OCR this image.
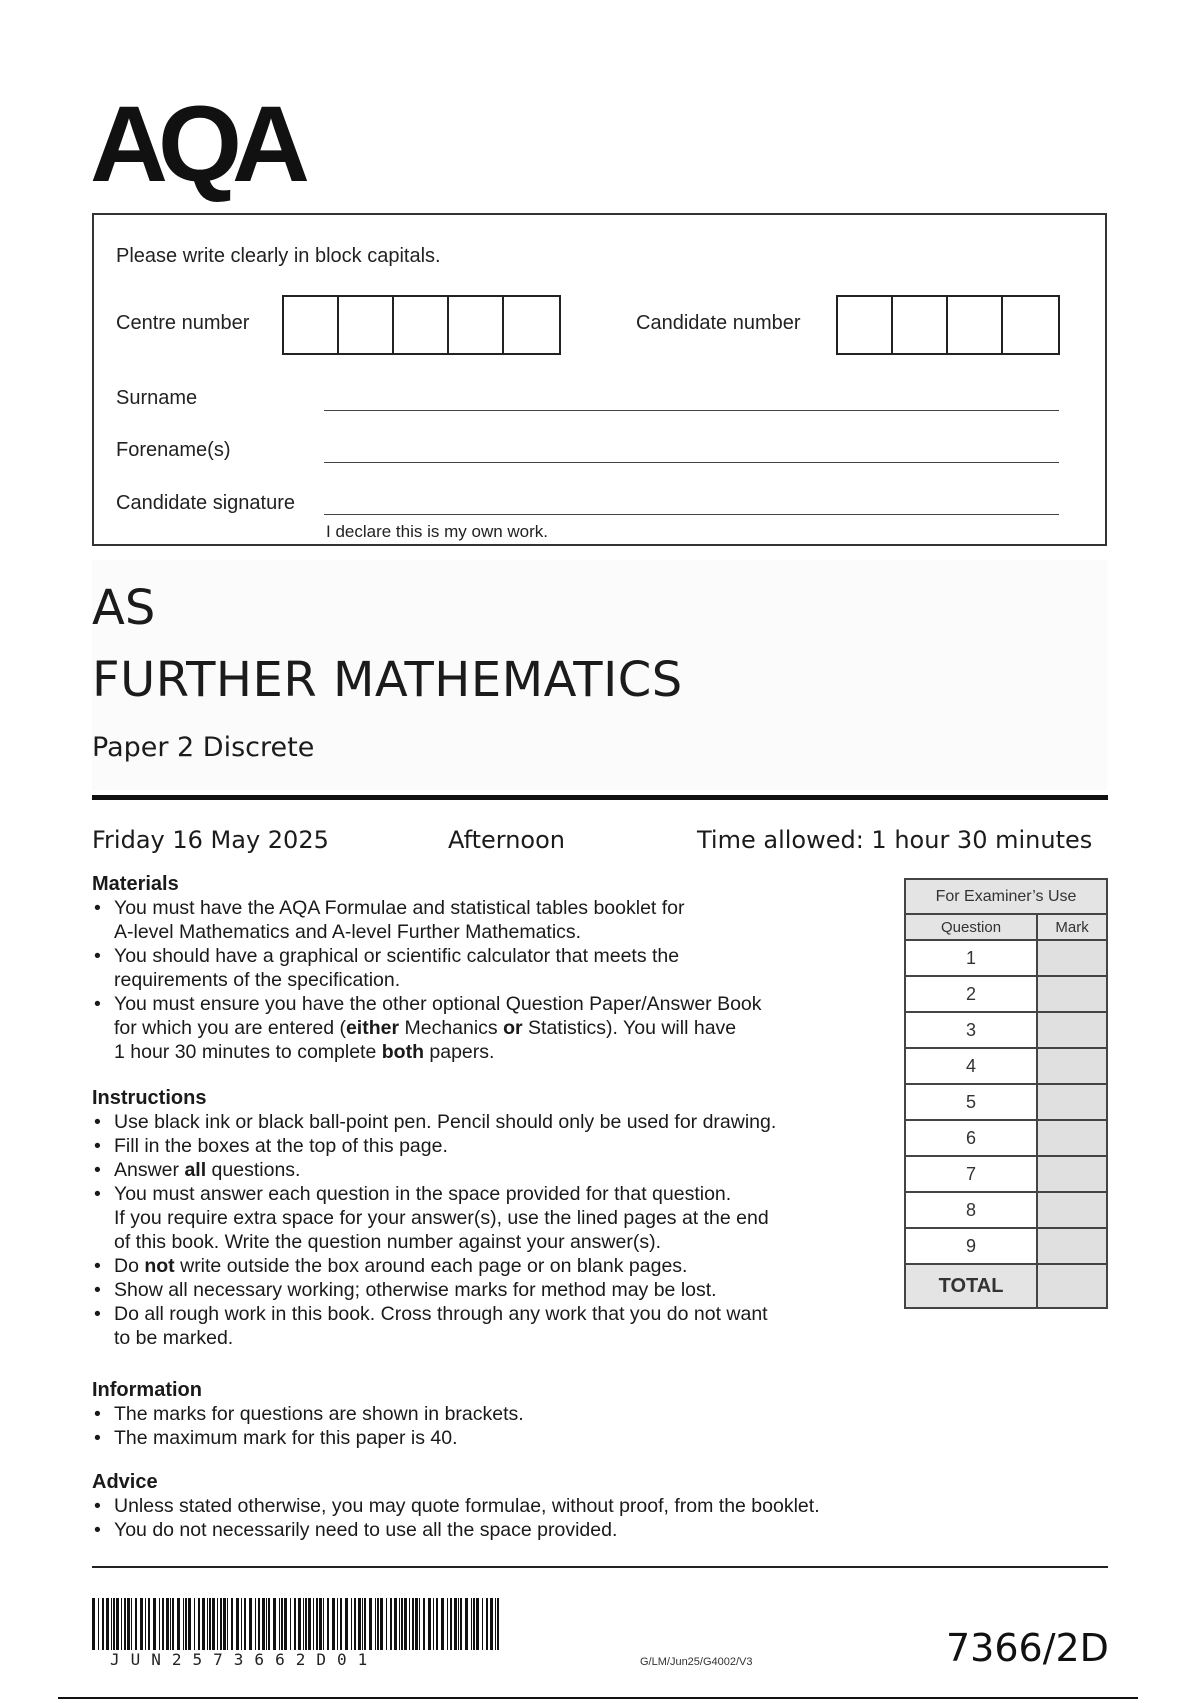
AQA
Please write clearly in block capitals.
Centre number	Candidate number
Surname
Forename(s)
Candidate signature
I declare this is my own work.
AS
FURTHER MATHEMATICS
Paper 2 Discrete
Friday 16 May 2025	Afternoon	Time allowed: 1 hour 30 minutes
Materials
• You must have the AQA Formulae and statistical tables booklet for
A-level Mathematics and A-level Further Mathematics.
• You should have a graphical or scientific calculator that meets the
requirements of the specification.
• You must ensure you have the other optional Question Paper/Answer Book
for which you are entered (either Mechanics or Statistics). You will have
1 hour 30 minutes to complete both papers.
Instructions
• Use black ink or black ball-point pen. Pencil should only be used for drawing.
• Fill in the boxes at the top of this page.
• Answer all questions.
• You must answer each question in the space provided for that question.
If you require extra space for your answer(s), use the lined pages at the end
of this book. Write the question number against your answer(s).
• Do not write outside the box around each page or on blank pages.
• Show all necessary working; otherwise marks for method may be lost.
• Do all rough work in this book. Cross through any work that you do not want
to be marked.
Information
• The marks for questions are shown in brackets.
• The maximum mark for this paper is 40.
Advice
• Unless stated otherwise, you may quote formulae, without proof, from the booklet.
• You do not necessarily need to use all the space provided.
For Examiner’s Use	
Question	Mark
1	
2	
3	
4	
5	
6	
7	
8	
9	
TOTAL	
JUN2573662D01	G/LM/Jun25/G4002/V3	7366/2D
